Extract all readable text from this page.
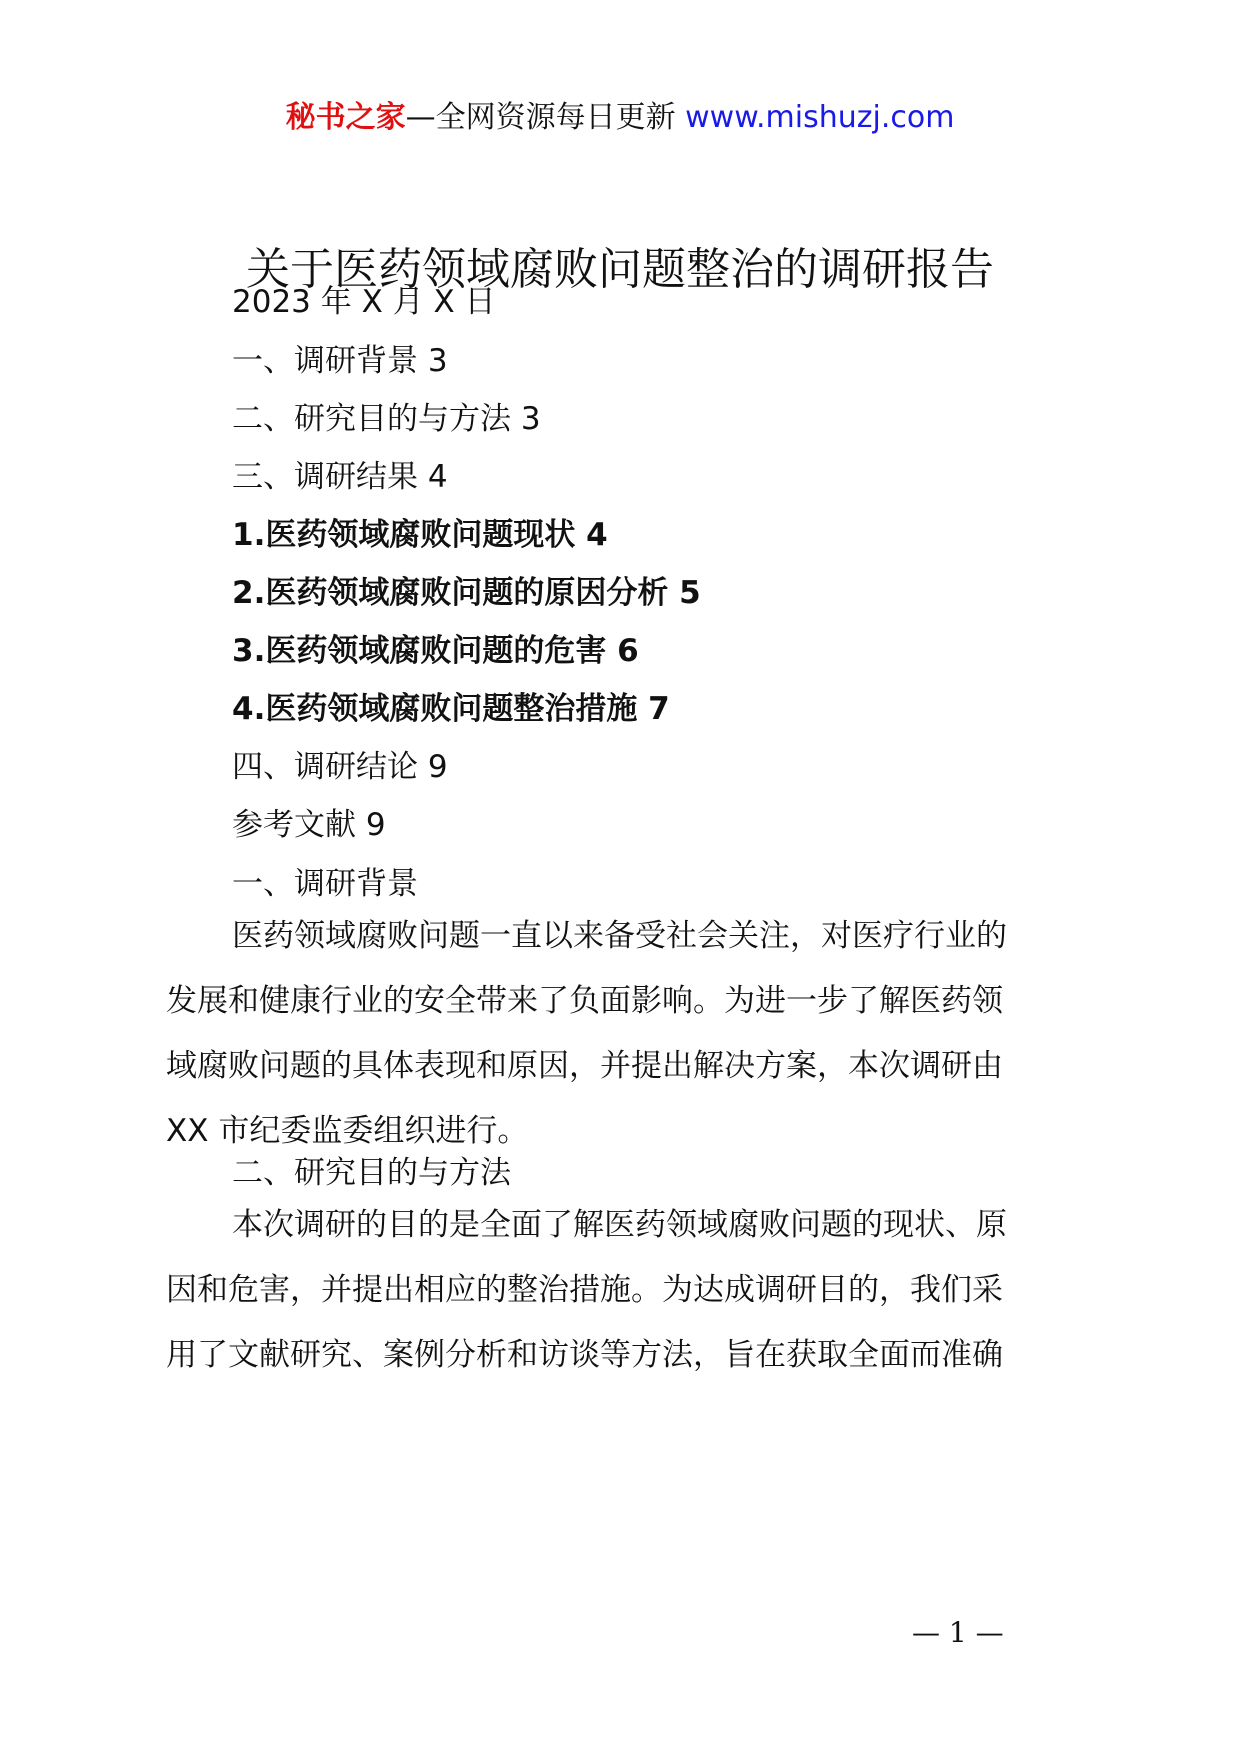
秘书之家—全网资源每日更新 www.mishuzj.com
关于医药领域腐败问题整治的调研报告
2023 年 X 月 X 日
一、调研背景 3
二、研究目的与方法 3
三、调研结果 4
1.医药领域腐败问题现状 4
2.医药领域腐败问题的原因分析 5
3.医药领域腐败问题的危害 6
4.医药领域腐败问题整治措施 7
四、调研结论 9
参考文献 9
一、调研背景
医药领域腐败问题一直以来备受社会关注，对医疗行业的
发展和健康行业的安全带来了负面影响。为进一步了解医药领
域腐败问题的具体表现和原因，并提出解决方案，本次调研由
XX 市纪委监委组织进行。
二、研究目的与方法
本次调研的目的是全面了解医药领域腐败问题的现状、原
因和危害，并提出相应的整治措施。为达成调研目的，我们采
用了文献研究、案例分析和访谈等方法，旨在获取全面而准确
— 1 —
